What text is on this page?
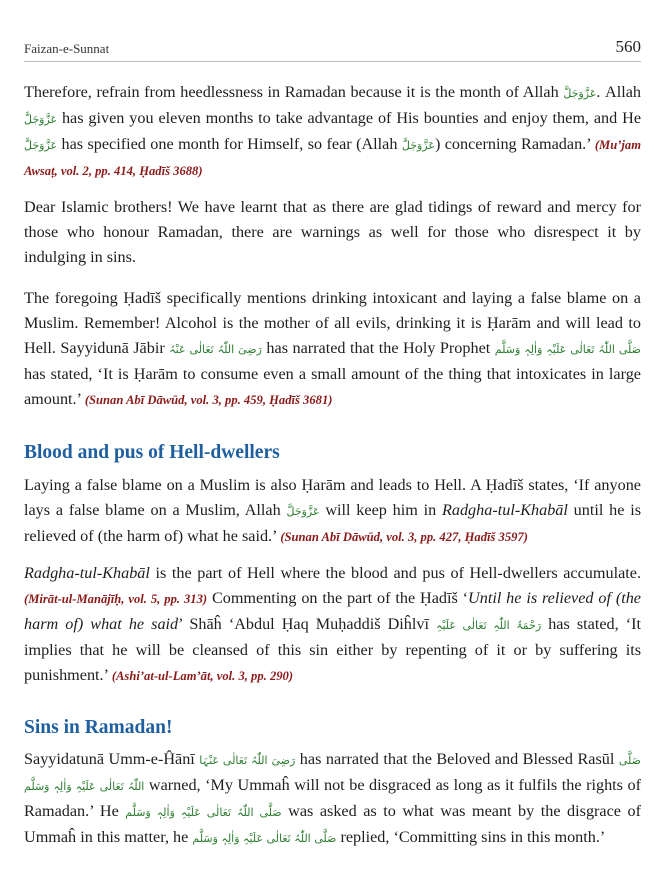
Faizan-e-Sunnat	560

Therefore, refrain from heedlessness in Ramadan because it is the month of Allah عَزَّوَجَلَّ. Allah عَزَّوَجَلَّ has given you eleven months to take advantage of His bounties and enjoy them, and He عَزَّوَجَلَّ has specified one month for Himself, so fear (Allah عَزَّوَجَلَّ) concerning Ramadan.’ (Mu’jam Awsaṭ, vol. 2, pp. 414, Ḥadīš 3688)

Dear Islamic brothers! We have learnt that as there are glad tidings of reward and mercy for those who honour Ramadan, there are warnings as well for those who disrespect it by indulging in sins.

The foregoing Ḥadīš specifically mentions drinking intoxicant and laying a false blame on a Muslim. Remember! Alcohol is the mother of all evils, drinking it is Ḥarām and will lead to Hell. Sayyidunā Jābir رَضِیَ اللّٰہُ تَعَالٰی عَنْہُ has narrated that the Holy Prophet صَلَّی اللّٰہُ تَعَالٰی عَلَیْہِ وَاٰلِہٖ وَسَلَّم has stated, ‘It is Ḥarām to consume even a small amount of the thing that intoxicates in large amount.’ (Sunan Abī Dāwūd, vol. 3, pp. 459, Ḥadīš 3681)

Blood and pus of Hell-dwellers

Laying a false blame on a Muslim is also Ḥarām and leads to Hell. A Ḥadīš states, ‘If anyone lays a false blame on a Muslim, Allah عَزَّوَجَلَّ will keep him in Radgha-tul-Khabāl until he is relieved of (the harm of) what he said.’ (Sunan Abī Dāwūd, vol. 3, pp. 427, Ḥadīš 3597)

Radgha-tul-Khabāl is the part of Hell where the blood and pus of Hell-dwellers accumulate. (Mirāt-ul-Manājīḥ, vol. 5, pp. 313) Commenting on the part of the Ḥadīš ‘Until he is relieved of (the harm of) what he said’ Shāĥ ‘Abdul Ḥaq Muḥaddiš Diĥlvī رَحْمَۃُ اللّٰہِ تَعَالٰی عَلَیْہِ has stated, ‘It implies that he will be cleansed of this sin either by repenting of it or by suffering its punishment.’ (Ashi’at-ul-Lam’āt, vol. 3, pp. 290)

Sins in Ramadan!

Sayyidatunā Umm-e-Ĥānī رَضِیَ اللّٰہُ تَعَالٰی عَنْہَا has narrated that the Beloved and Blessed Rasūl صَلَّی اللّٰہُ تَعَالٰی عَلَیْہِ وَاٰلِہٖ وَسَلَّم warned, ‘My Ummaĥ will not be disgraced as long as it fulfils the rights of Ramadan.’ He صَلَّی اللّٰہُ تَعَالٰی عَلَیْہِ وَاٰلِہٖ وَسَلَّم was asked as to what was meant by the disgrace of Ummaĥ in this matter, he صَلَّی اللّٰہُ تَعَالٰی عَلَیْہِ وَاٰلِہٖ وَسَلَّم replied, ‘Committing sins in this month.’
